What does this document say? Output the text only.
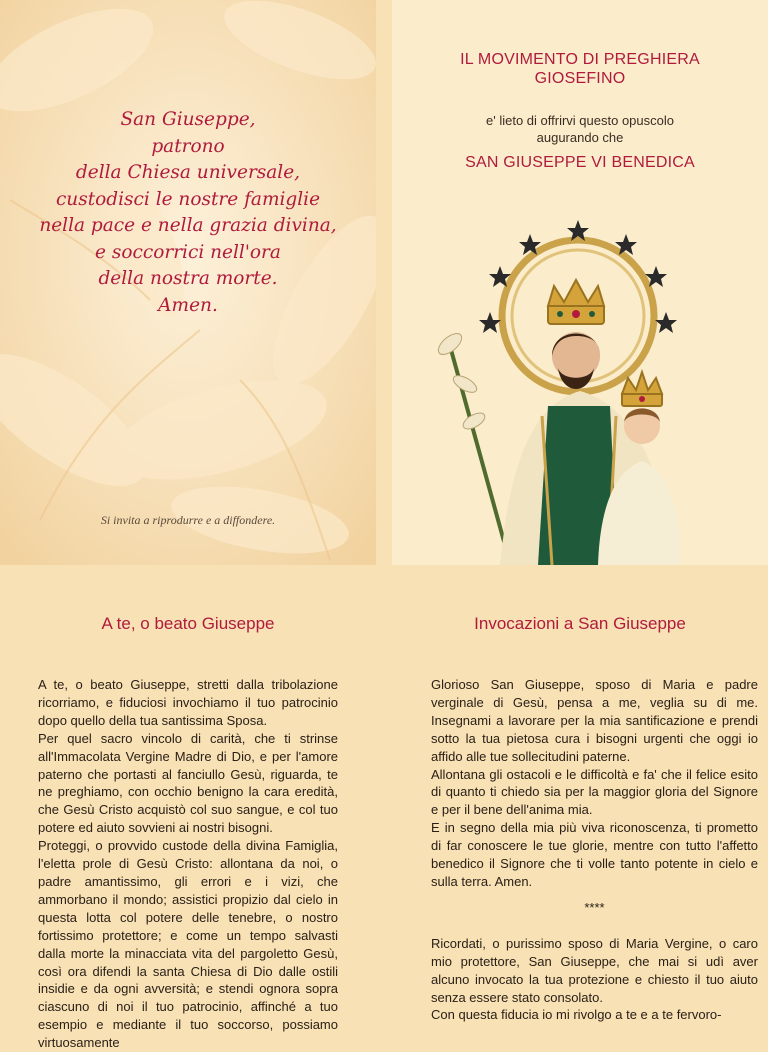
San Giuseppe,
patrono
della Chiesa universale,
custodisci le nostre famiglie
nella pace e nella grazia divina,
e soccorrici nell'ora
della nostra morte.
Amen.
Si invita a riprodurre e a diffondere.
IL MOVIMENTO DI PREGHIERA
GIOSEFINO
e' lieto di offrirvi questo opuscolo
augurando che
SAN GIUSEPPE VI BENEDICA
A te, o beato Giuseppe

A te, o beato Giuseppe, stretti dalla tribolazione ricorriamo, e fiduciosi invochiamo il tuo patrocinio dopo quello della tua santissima Sposa.

Per quel sacro vincolo di carità, che ti strinse all'Immacolata Vergine Madre di Dio, e per l'amore paterno che portasti al fanciullo Gesù, riguarda, te ne preghiamo, con occhio benigno la cara eredità, che Gesù Cristo acquistò col suo sangue, e col tuo potere ed aiuto sovvieni ai nostri bisogni.

Proteggi, o provvido custode della divina Famiglia, l'eletta prole di Gesù Cristo: allontana da noi, o padre amantissimo, gli errori e i vizi, che ammorbano il mondo; assistici propizio dal cielo in questa lotta col potere delle tenebre, o nostro fortissimo protettore; e come un tempo salvasti dalla morte la minacciata vita del pargoletto Gesù, così ora difendi la santa Chiesa di Dio dalle ostili insidie e da ogni avversità; e stendi ognora sopra ciascuno di noi il tuo patrocinio, affinché a tuo esempio e mediante il tuo soccorso, possiamo virtuosamente

Invocazioni a San Giuseppe

Glorioso San Giuseppe, sposo di Maria e padre verginale di Gesù, pensa a me, veglia su di me. Insegnami a lavorare per la mia santificazione e prendi sotto la tua pietosa cura i bisogni urgenti che oggi io affido alle tue sollecitudini paterne.

Allontana gli ostacoli e le difficoltà e fa' che il felice esito di quanto ti chiedo sia per la maggior gloria del Signore e per il bene dell'anima mia.

E in segno della mia più viva riconoscenza, ti prometto di far conoscere le tue glorie, mentre con tutto l'affetto benedico il Signore che ti volle tanto potente in cielo e sulla terra. Amen.

****

Ricordati, o purissimo sposo di Maria Vergine, o caro mio protettore, San Giuseppe, che mai si udì aver alcuno invocato la tua protezione e chiesto il tuo aiuto senza essere stato consolato.

Con questa fiducia io mi rivolgo a te e a te fervoro-
